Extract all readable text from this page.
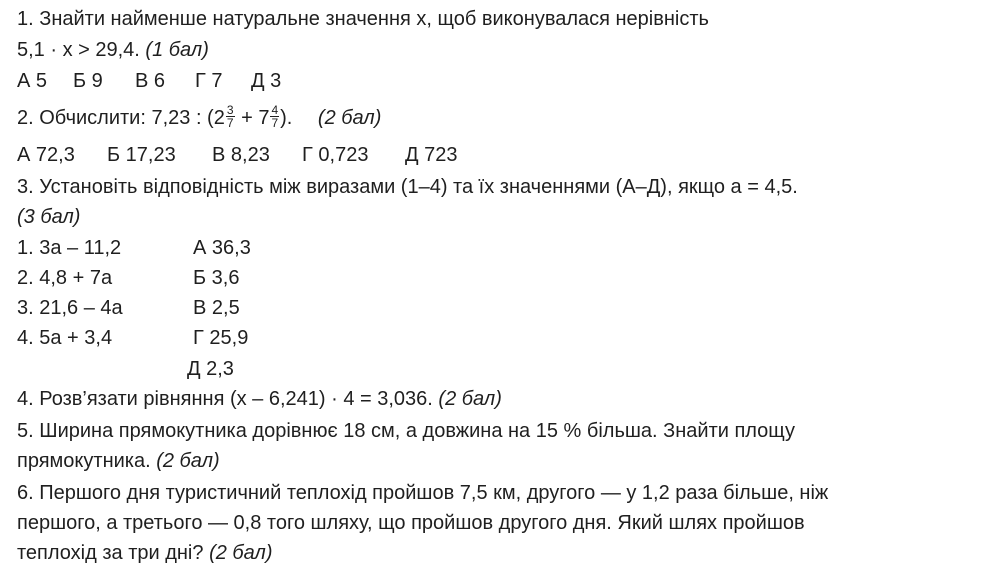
1. Знайти найменше натуральне значення х, щоб виконувалася нерівність
5,1 · х > 29,4. (1 бал)
А 5 Б 9 В 6 Г 7 Д 3
2. Обчислити: 7,23 : ($2 \frac{3}{7} + 7 \frac{4}{7}$ ). (2 бал)
А 72,3 Б 17,23 В 8,23 Г 0,723 Д 723
3. Установіть відповідність між виразами (1–4) та їх значеннями (А–Д), якщо а = 4,5.
(3 бал)
1. 3а – 11,2
2. 4,8 + 7а
3. 21,6 – 4а
4. 5а + 3,4
А 36,3
Б 3,6
В 2,5
Г 25,9
Д 2,3
4. Розв’язати рівняння (х – 6,241) · 4 = 3,036. (2 бал)
5. Ширина прямокутника дорівнює 18 см, а довжина на 15 % більша. Знайти площу
прямокутника. (2 бал)
6. Першого дня туристичний теплохід пройшов 7,5 км, другого — у 1,2 раза більше, ніж
першого, а третього — 0,8 того шляху, що пройшов другого дня. Який шлях пройшов
теплохід за три дні? (2 бал)
